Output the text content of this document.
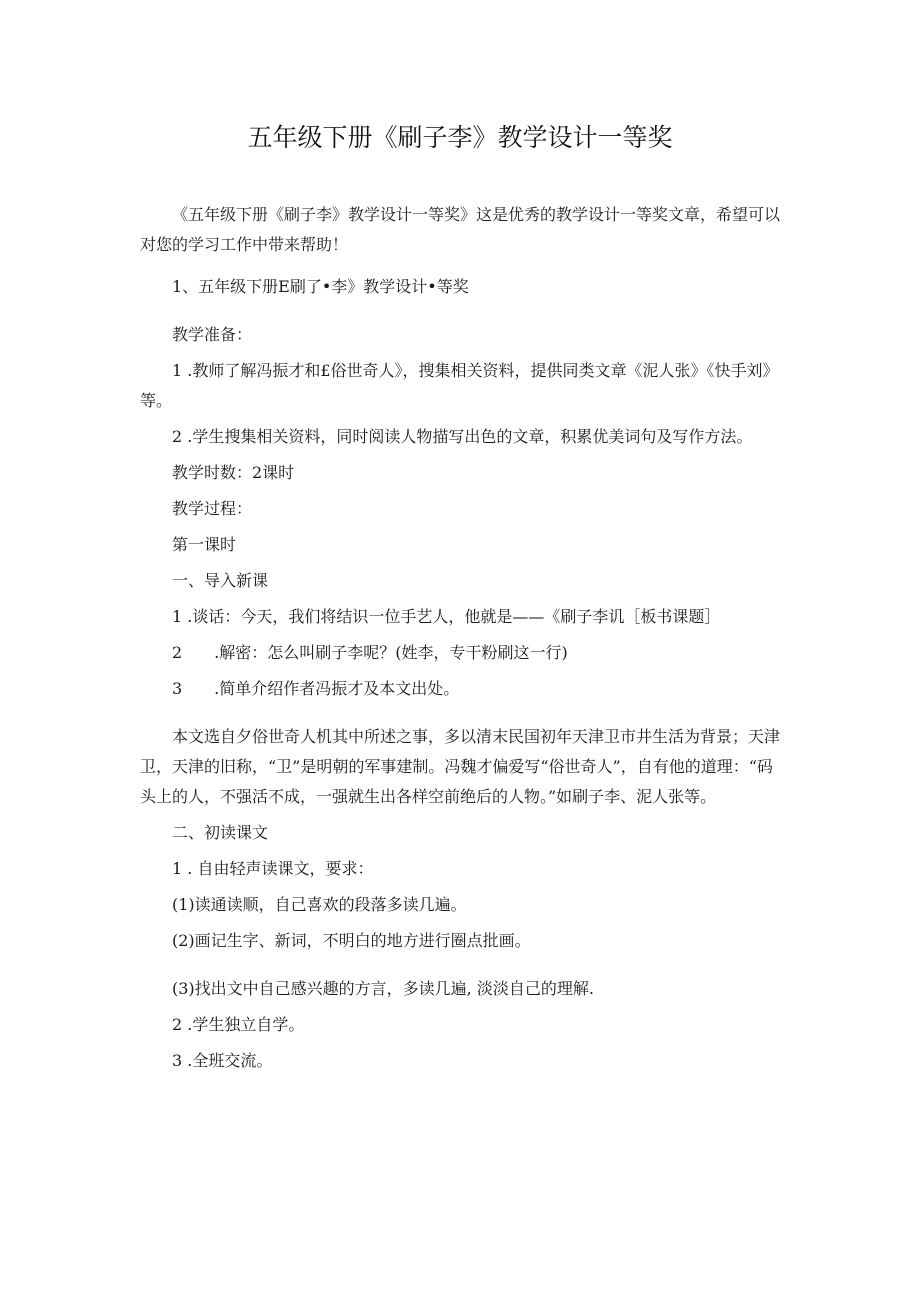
五年级下册《刷子李》教学设计一等奖

《五年级下册《刷子李》教学设计一等奖》这是优秀的教学设计一等奖文章，希望可以对您的学习工作中带来帮助！

1、五年级下册E刷了•李》教学设计•等奖

教学准备：

1 .教师了解冯振才和£俗世奇人》，搜集相关资料，提供同类文章《泥人张》《快手刘》等。

2 .学生搜集相关资料，同时阅读人物描写出色的文章，积累优美词句及写作方法。

教学时数：2课时

教学过程：

第一课时

一、导入新课

1 .谈话：今天，我们将结识一位手艺人，他就是——《刷子李讥［板书课题］

2　　.解密：怎么叫刷子李呢？(姓李，专干粉刷这一行)

3　　.简单介绍作者冯振才及本文出处。

本文选自夕俗世奇人机其中所述之事，多以清末民国初年天津卫市井生活为背景；天津卫，天津的旧称，“卫”是明朝的军事建制。冯魏才偏爱写“俗世奇人”，自有他的道理：“码头上的人，不强活不成，一强就生出各样空前绝后的人物。”如刷子李、泥人张等。

二、初读课文

1 . 自由轻声读课文，要求：

(1)读通读顺，自己喜欢的段落多读几遍。

(2)画记生字、新词，不明白的地方进行圈点批画。

(3)找出文中自己感兴趣的方言，多读几遍, 淡淡自己的理解.

2 .学生独立自学。

3 .全班交流。
